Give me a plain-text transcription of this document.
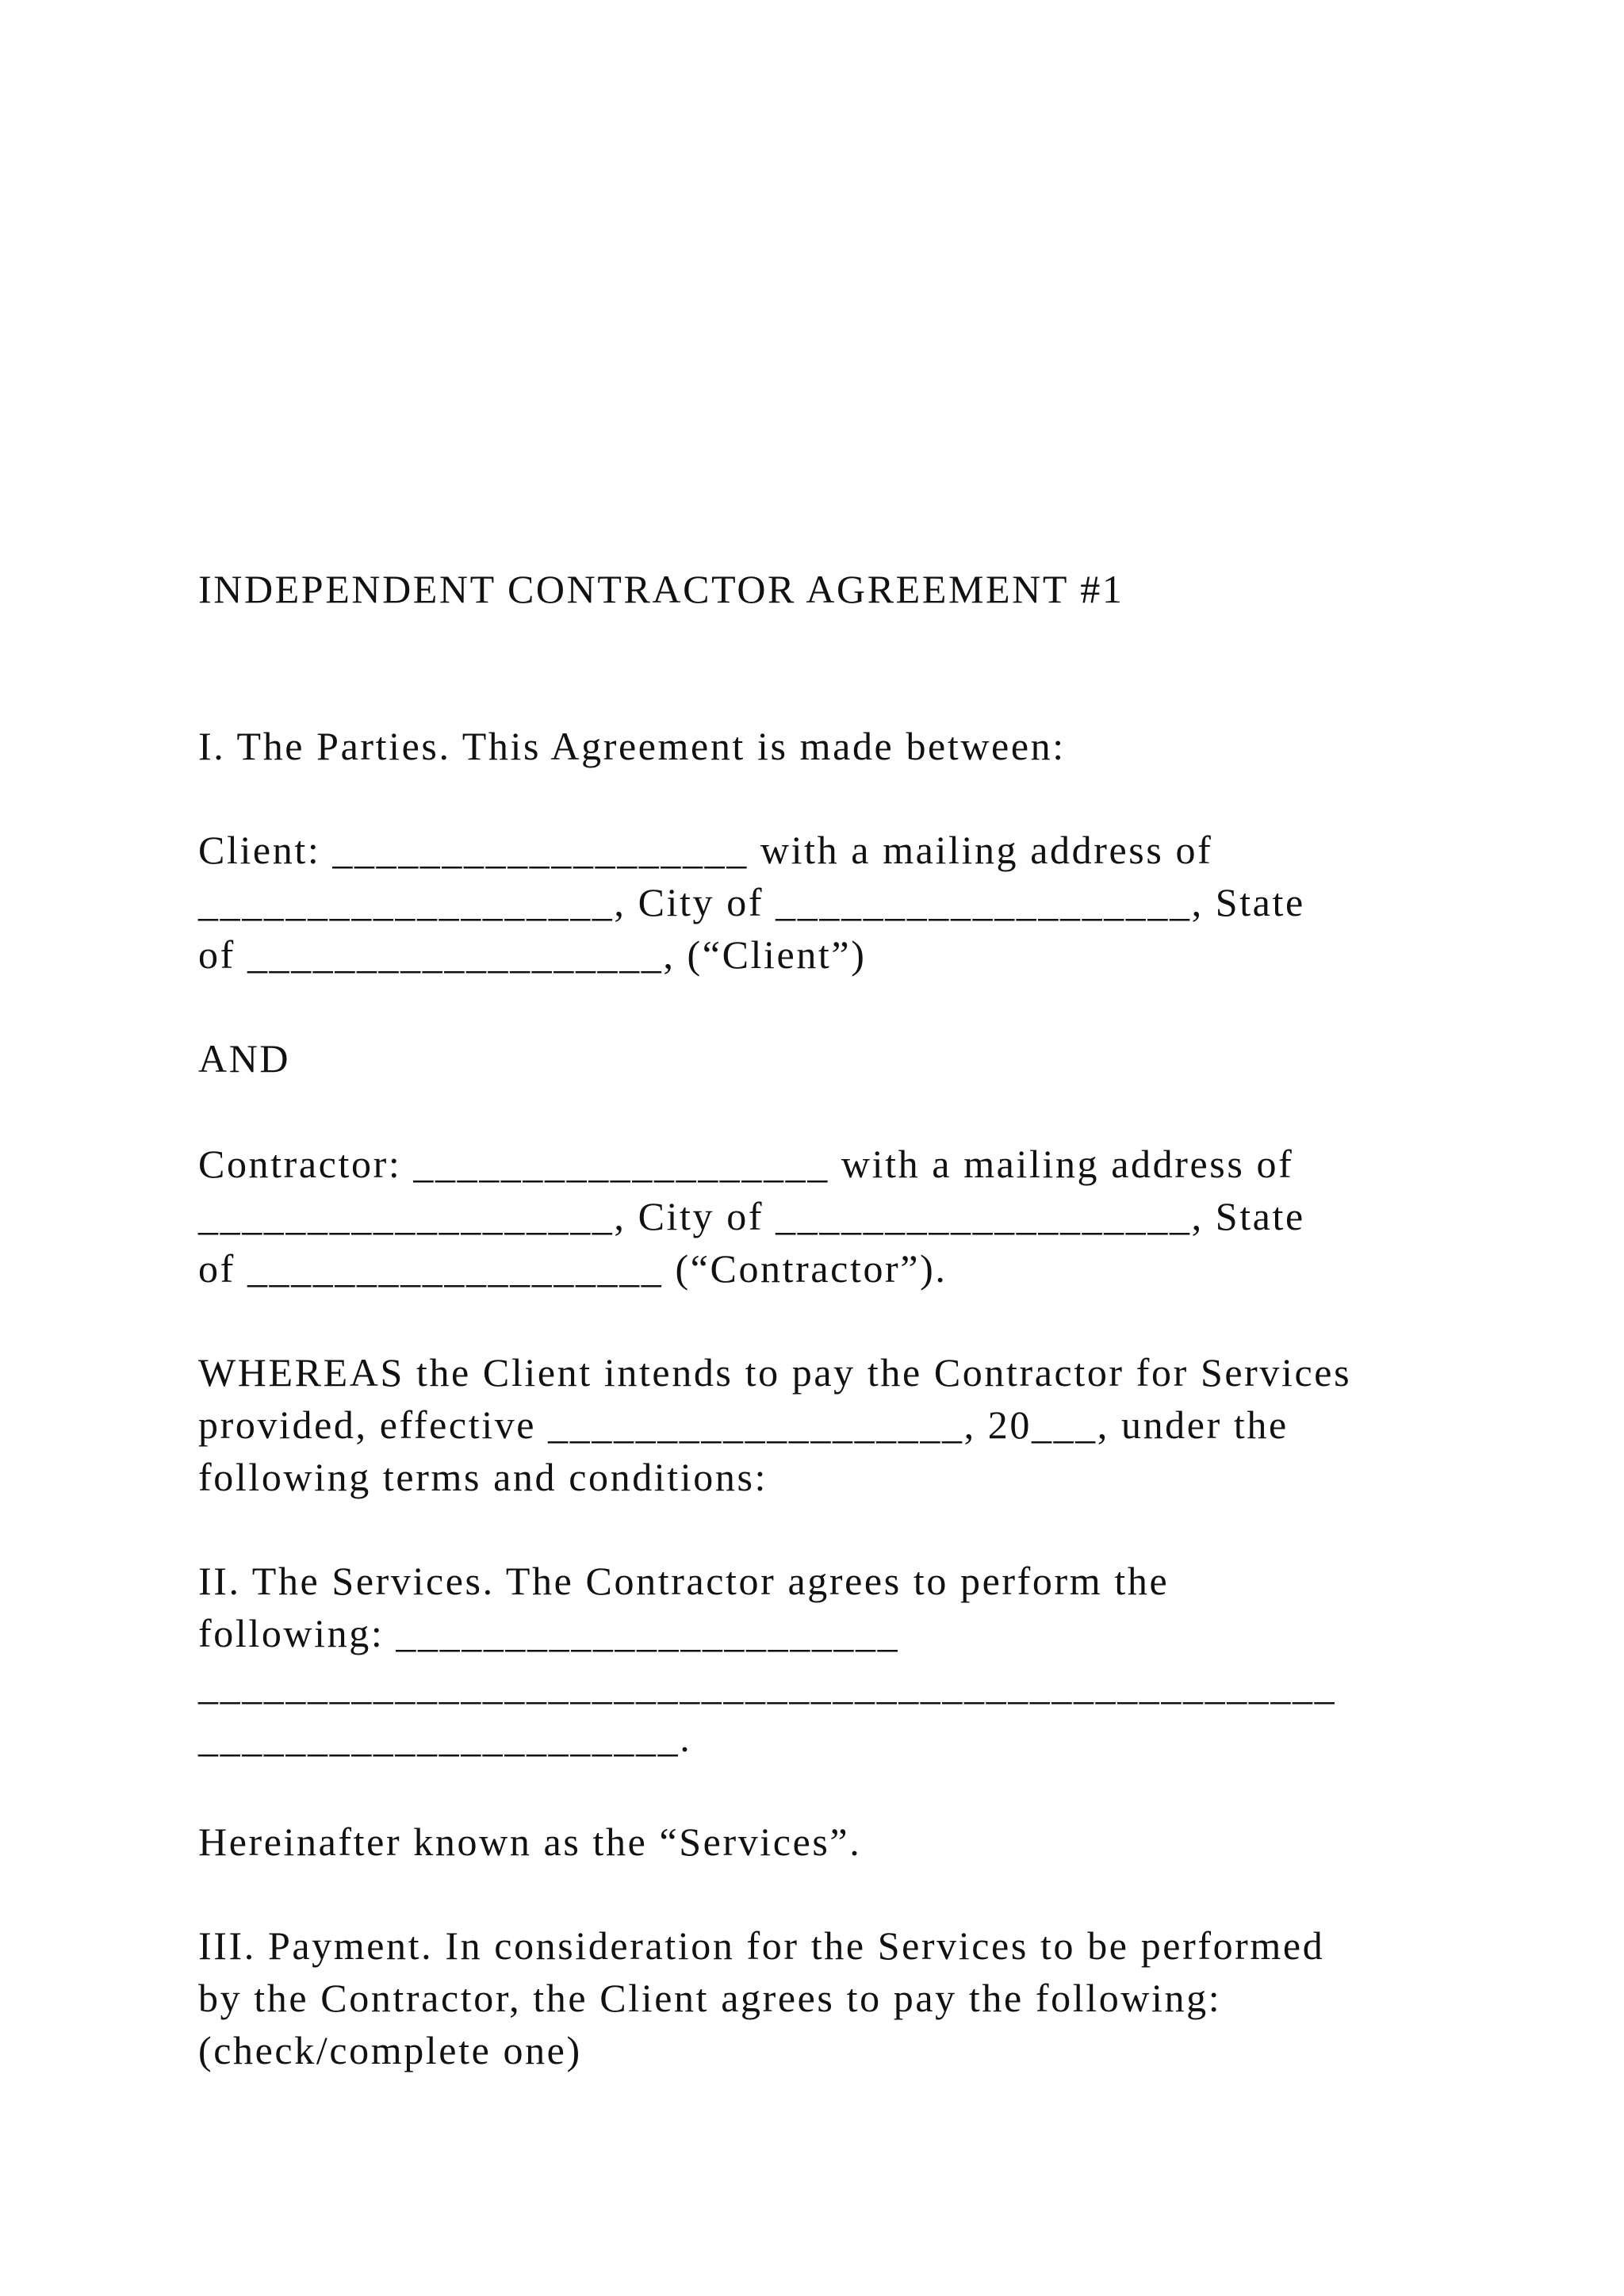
INDEPENDENT CONTRACTOR AGREEMENT #1

I. The Parties. This Agreement is made between:

Client: ___________________ with a mailing address of

___________________, City of ___________________, State

of ___________________, (“Client”)

AND

Contractor: ___________________ with a mailing address of

___________________, City of ___________________, State

of ___________________ (“Contractor”).

WHEREAS the Client intends to pay the Contractor for Services

provided, effective ___________________, 20___, under the

following terms and conditions:

II. The Services. The Contractor agrees to perform the

following: _______________________

____________________________________________________

______________________.

Hereinafter known as the “Services”.

III. Payment. In consideration for the Services to be performed

by the Contractor, the Client agrees to pay the following:

(check/complete one)
